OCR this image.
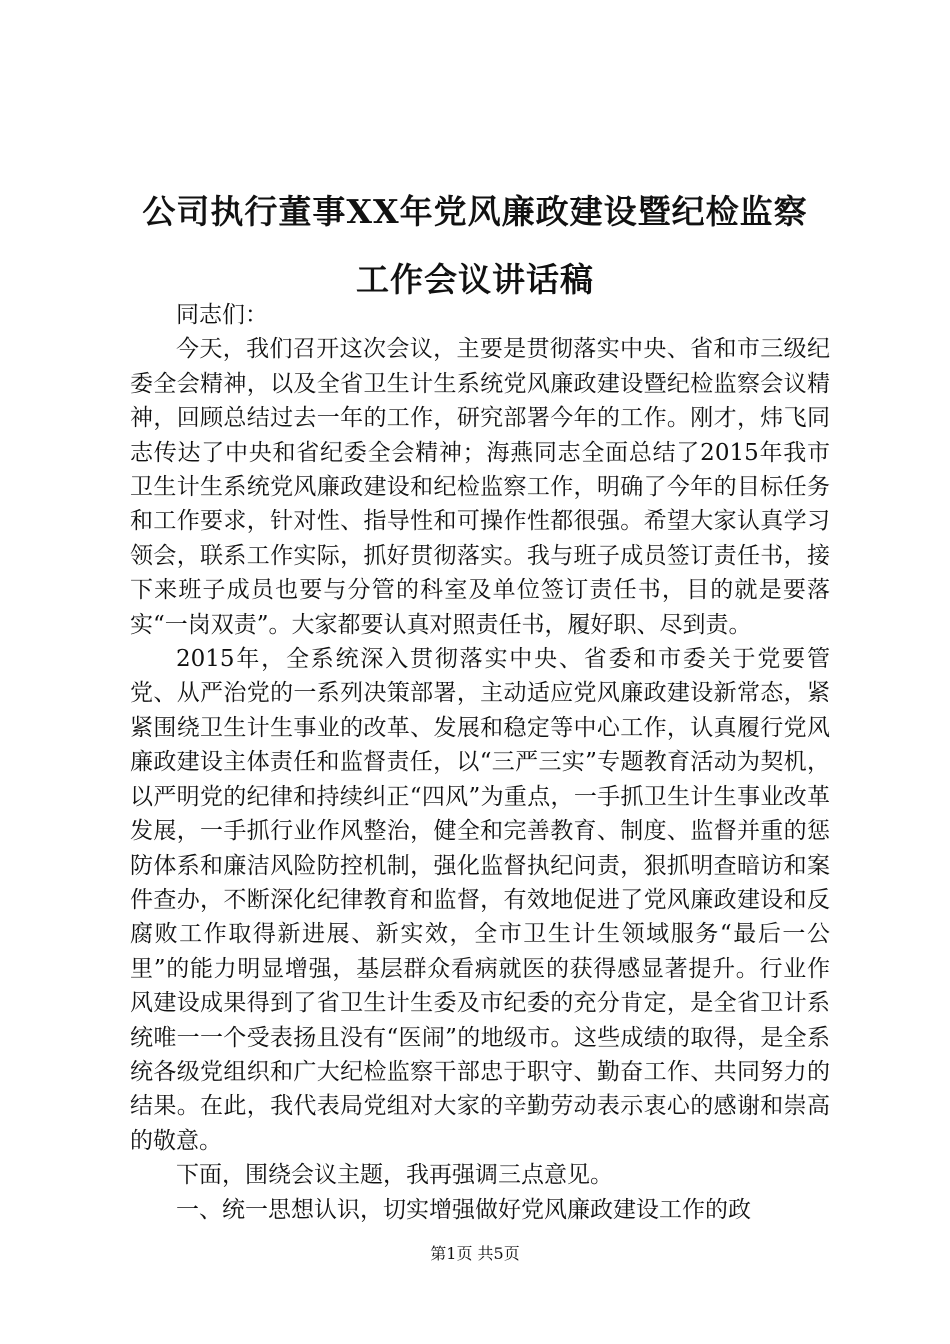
公司执行董事XX年党风廉政建设暨纪检监察
工作会议讲话稿

同志们：

今天，我们召开这次会议，主要是贯彻落实中央、省和市三级纪委全会精神，以及全省卫生计生系统党风廉政建设暨纪检监察会议精神，回顾总结过去一年的工作，研究部署今年的工作。刚才，炜飞同志传达了中央和省纪委全会精神；海燕同志全面总结了2015年我市卫生计生系统党风廉政建设和纪检监察工作，明确了今年的目标任务和工作要求，针对性、指导性和可操作性都很强。希望大家认真学习领会，联系工作实际，抓好贯彻落实。我与班子成员签订责任书，接下来班子成员也要与分管的科室及单位签订责任书，目的就是要落实“一岗双责”。大家都要认真对照责任书，履好职、尽到责。

2015年，全系统深入贯彻落实中央、省委和市委关于党要管党、从严治党的一系列决策部署，主动适应党风廉政建设新常态，紧紧围绕卫生计生事业的改革、发展和稳定等中心工作，认真履行党风廉政建设主体责任和监督责任，以“三严三实”专题教育活动为契机，以严明党的纪律和持续纠正“四风”为重点，一手抓卫生计生事业改革发展，一手抓行业作风整治，健全和完善教育、制度、监督并重的惩防体系和廉洁风险防控机制，强化监督执纪问责，狠抓明查暗访和案件查办，不断深化纪律教育和监督，有效地促进了党风廉政建设和反腐败工作取得新进展、新实效，全市卫生计生领域服务“最后一公里”的能力明显增强，基层群众看病就医的获得感显著提升。行业作风建设成果得到了省卫生计生委及市纪委的充分肯定，是全省卫计系统唯一一个受表扬且没有“医闹”的地级市。这些成绩的取得，是全系统各级党组织和广大纪检监察干部忠于职守、勤奋工作、共同努力的结果。在此，我代表局党组对大家的辛勤劳动表示衷心的感谢和崇高的敬意。

下面，围绕会议主题，我再强调三点意见。

一、统一思想认识，切实增强做好党风廉政建设工作的政

第1页 共5页
